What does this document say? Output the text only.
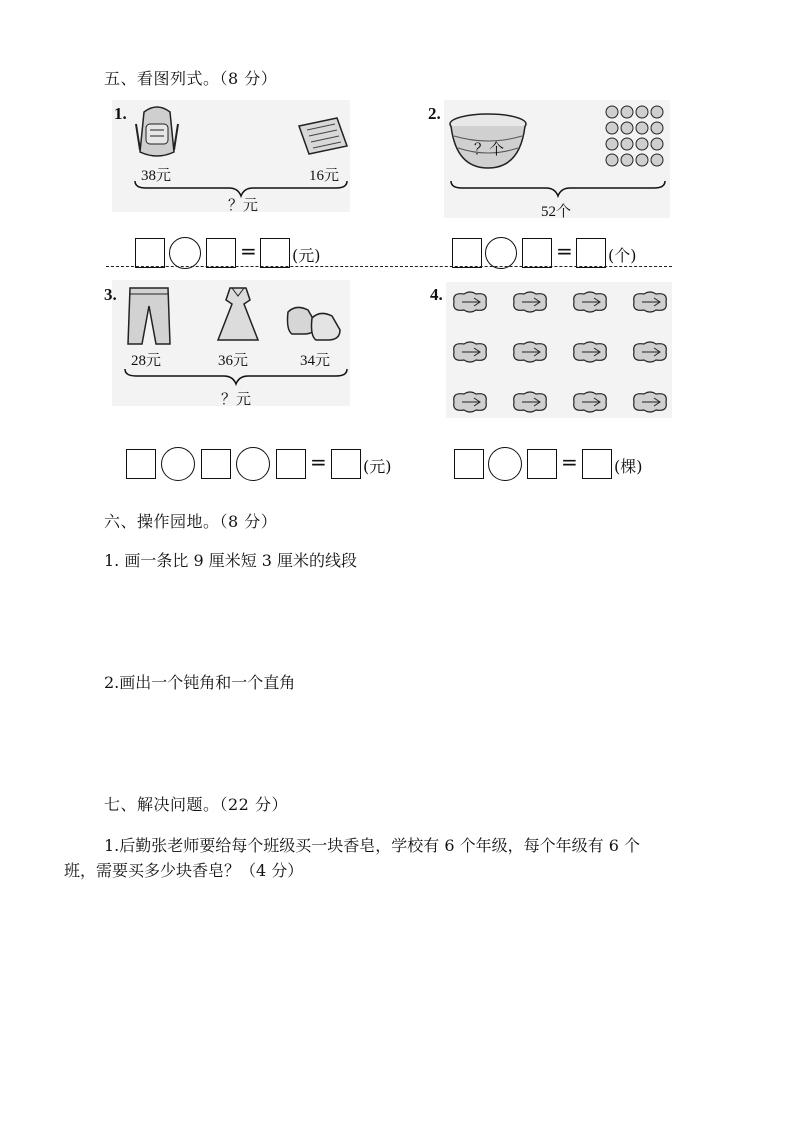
五、看图列式。（8 分）
1.
38元	16元
？元
= (元)
2.
？个
52个
= (个)
3.
28元	36元	34元
？元
= (元)
4.
= (棵)
六、操作园地。（8 分）
1. 画一条比 9 厘米短 3 厘米的线段
2.画出一个钝角和一个直角
七、解决问题。（22 分）
1.后勤张老师要给每个班级买一块香皂，学校有 6 个年级，每个年级有 6 个
班，需要买多少块香皂？（4 分）
